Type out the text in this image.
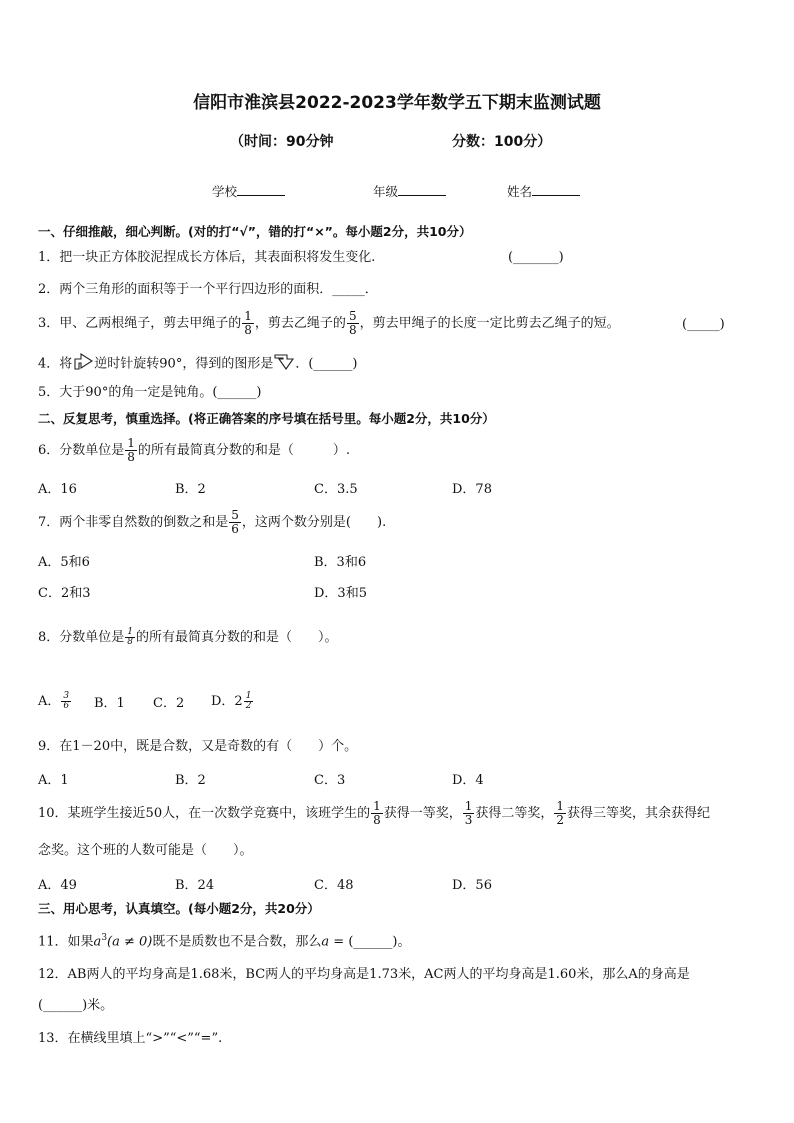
信阳市淮滨县2022-2023学年数学五下期末监测试题
（时间：90分钟	分数：100分）
学校	年级	姓名
一、仔细推敲，细心判断。(对的打“√”，错的打“×”。每小题2分，共10分）
1．把一块正方体胶泥捏成长方体后，其表面积将发生变化.	(_______)
2．两个三角形的面积等于一个平行四边形的面积．_____．
3．甲、乙两根绳子，剪去甲绳子的 $\frac{1}{8}$ ，剪去乙绳子的 $\frac{5}{8}$ ，剪去甲绳子的长度一定比剪去乙绳子的短。	(_____)
4．将 逆时针旋转90°，得到的图形是 ．(______)
5．大于90°的角一定是钝角。(______)
二、反复思考，慎重选择。(将正确答案的序号填在括号里。每小题2分，共10分）
6．分数单位是 $\frac{1}{8}$ 的所有最简真分数的和是（　　　）.
A．16	B．2	C．3.5	D．78
7．两个非零自然数的倒数之和是 $\frac{5}{6}$ ，这两个数分别是(　　).
A．5和6	B．3和6
C．2和3	D．3和5
8．分数单位是 $\frac{1}{8}$ 的所有最简真分数的和是（　　）。
A． $\frac{3}{6}$ B．1 C．2 D．$2 \frac{1}{2}$
9．在1－20中，既是合数，又是奇数的有（　　）个。
A．1	B．2	C．3	D．4
10．某班学生接近50人，在一次数学竞赛中，该班学生的 $\frac{1}{8}$ 获得一等奖， $\frac{1}{3}$ 获得二等奖， $\frac{1}{2}$ 获得三等奖，其余获得纪
念奖。这个班的人数可能是（　　）。
A．49	B．24	C．48	D．56
三、用心思考，认真填空。(每小题2分，共20分）
11．如果$a^3(a \ne 0)$既不是质数也不是合数，那么a = (______)。
12．AB两人的平均身高是1.68米，BC两人的平均身高是1.73米，AC两人的平均身高是1.60米，那么A的身高是
(______)米。
13．在横线里填上“>”“<”“=”.
